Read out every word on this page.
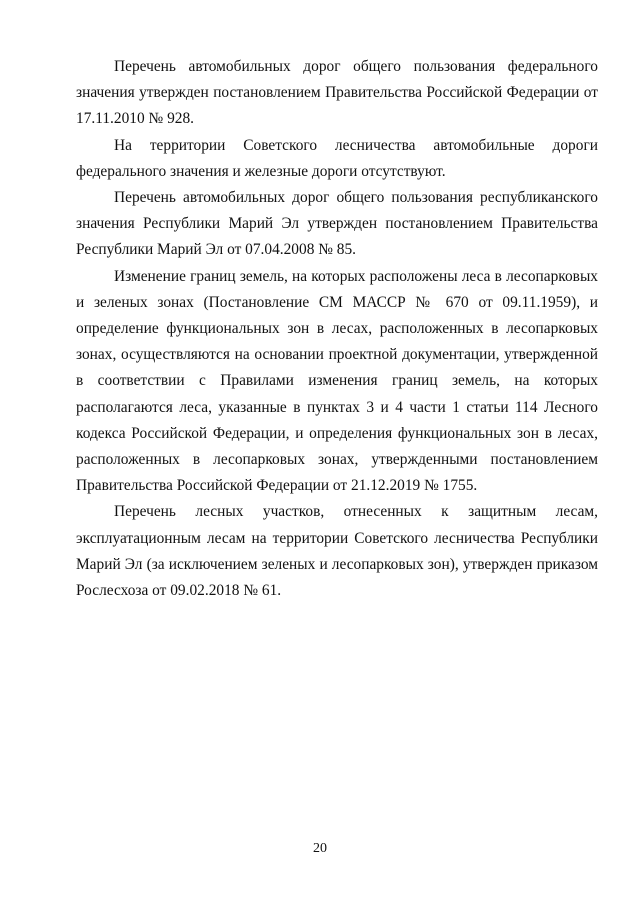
Перечень автомобильных дорог общего пользования федерального значения утвержден постановлением Правительства Российской Федерации от 17.11.2010 № 928.

На территории Советского лесничества автомобильные дороги федерального значения и железные дороги отсутствуют.

Перечень автомобильных дорог общего пользования республиканского значения Республики Марий Эл утвержден постановлением Правительства Республики Марий Эл от 07.04.2008 № 85.

Изменение границ земель, на которых расположены леса в лесопарковых и зеленых зонах (Постановление СМ МАССР № 670 от 09.11.1959), и определение функциональных зон в лесах, расположенных в лесопарковых зонах, осуществляются на основании проектной документации, утвержденной в соответствии с Правилами изменения границ земель, на которых располагаются леса, указанные в пунктах 3 и 4 части 1 статьи 114 Лесного кодекса Российской Федерации, и определения функциональных зон в лесах, расположенных в лесопарковых зонах, утвержденными постановлением Правительства Российской Федерации от 21.12.2019 № 1755.

Перечень лесных участков, отнесенных к защитным лесам, эксплуатационным лесам на территории Советского лесничества Республики Марий Эл (за исключением зеленых и лесопарковых зон), утвержден приказом Рослесхоза от 09.02.2018 № 61.

20
